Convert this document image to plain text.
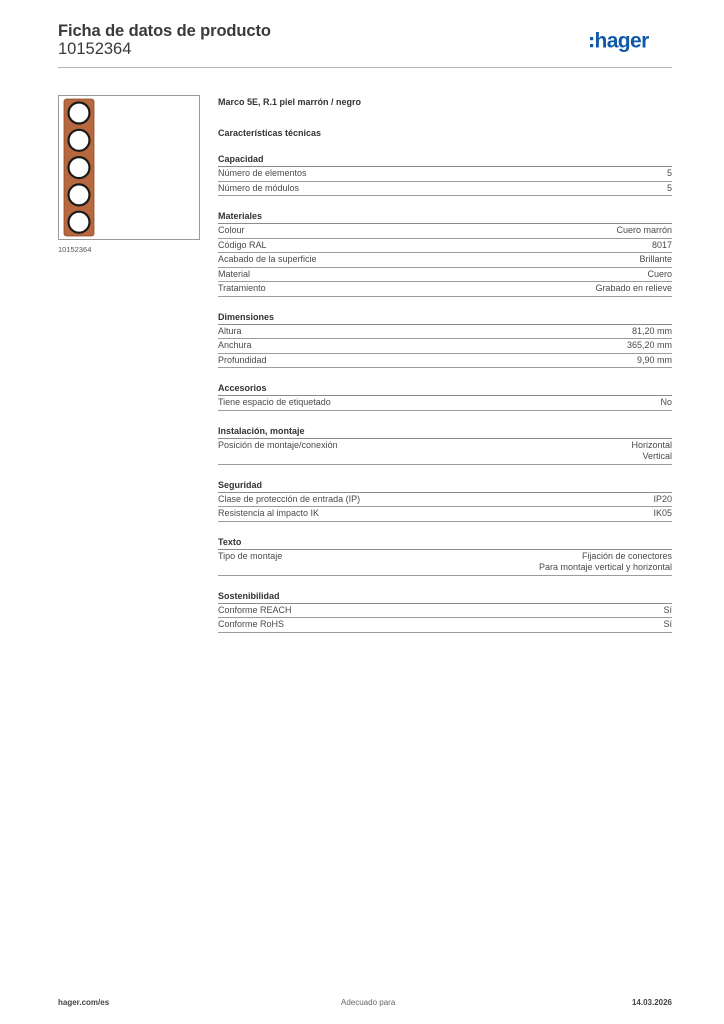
Ficha de datos de producto
10152364	hager
10152364
Marco 5E, R.1 piel marrón / negro
Características técnicas
Capacidad
Número de elementos	5
Número de módulos	5
Materiales
Colour	Cuero marrón
Código RAL	8017
Acabado de la superficie	Brillante
Material	Cuero
Tratamiento	Grabado en relieve
Dimensiones
Altura	81,20 mm
Anchura	365,20 mm
Profundidad	9,90 mm
Accesorios
Tiene espacio de etiquetado	No
Instalación, montaje
Posición de montaje/conexión	Horizontal
Vertical
Seguridad
Clase de protección de entrada (IP)	IP20
Resistencia al impacto IK	IK05
Texto
Tipo de montaje	Fijación de conectores
Para montaje vertical y horizontal
Sostenibilidad
Conforme REACH	Sí
Conforme RoHS	Sí
hager.com/es	Adecuado para	14.03.2026
